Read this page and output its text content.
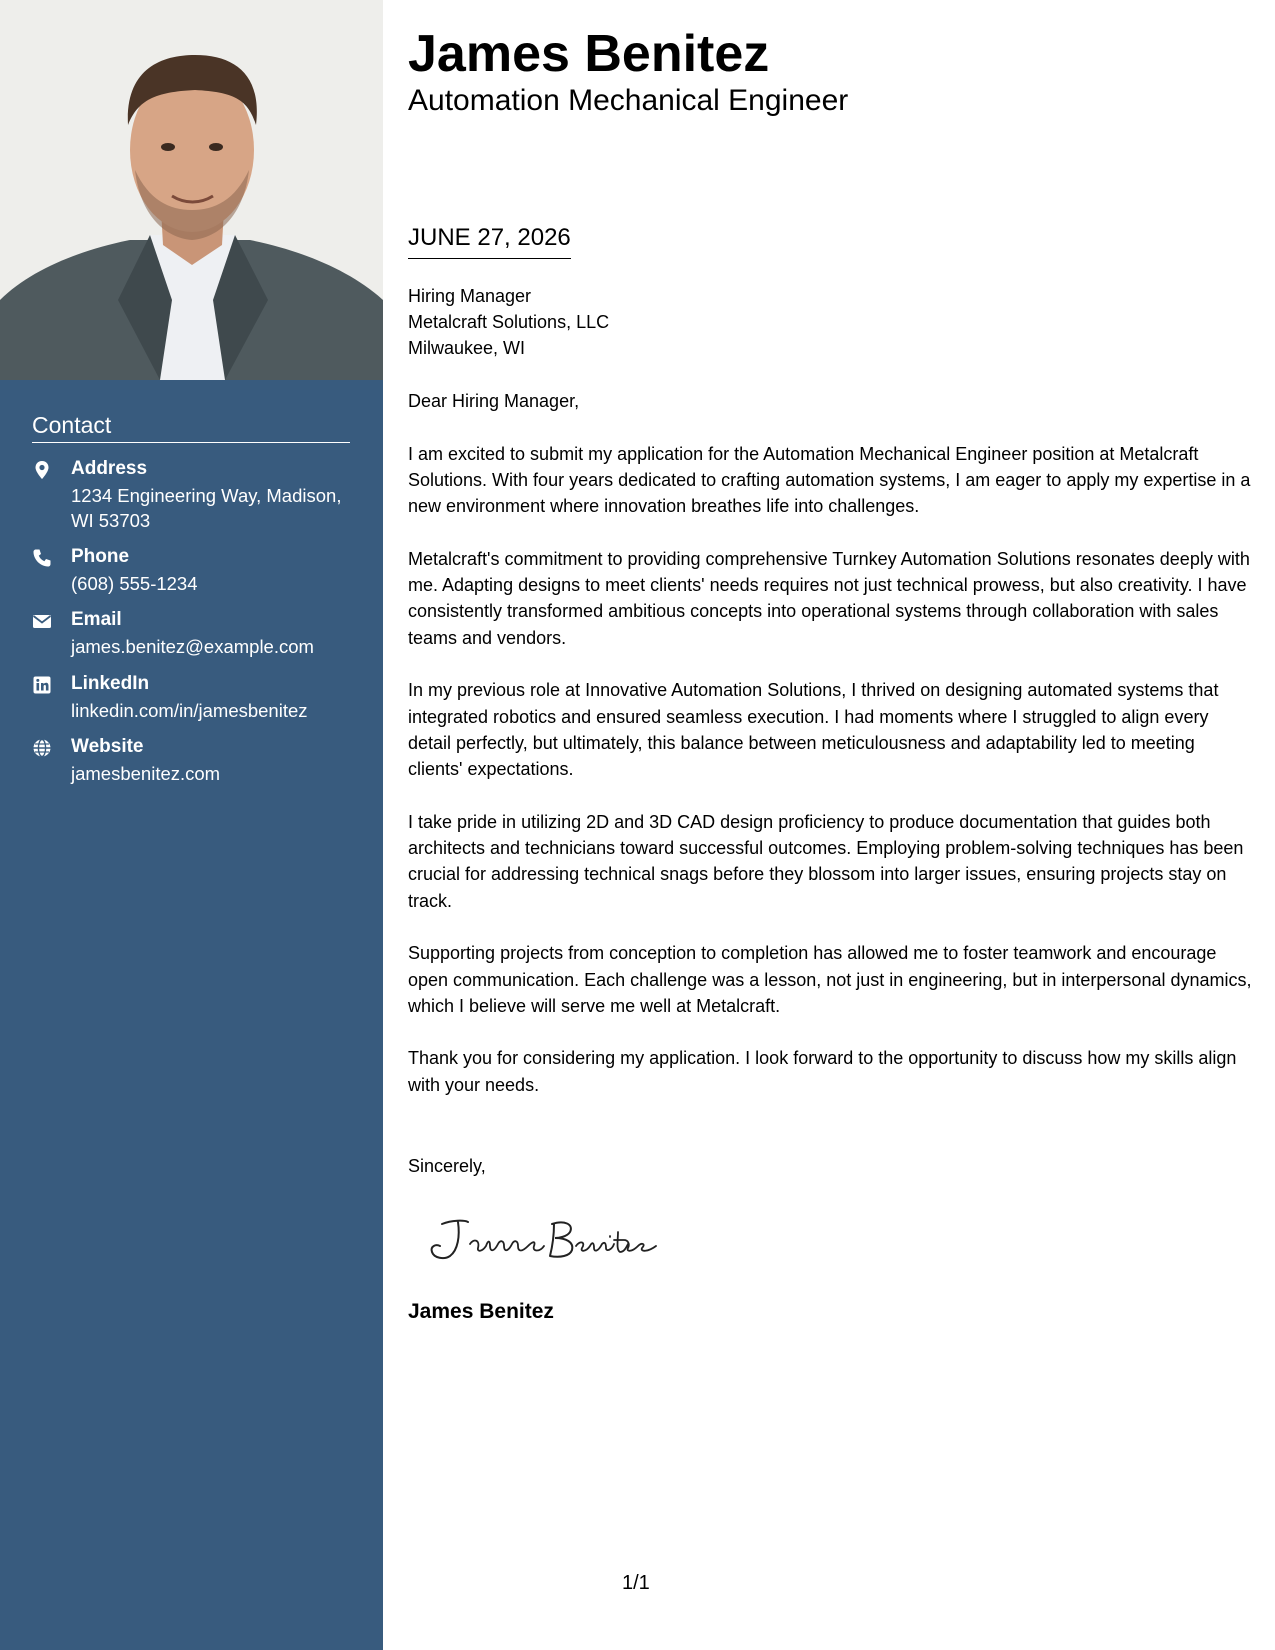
Contact
Address
1234 Engineering Way, Madison, WI 53703
Phone
(608) 555-1234
Email
james.benitez@example.com
LinkedIn
linkedin.com/in/jamesbenitez
Website
jamesbenitez.com
James Benitez
Automation Mechanical Engineer
JUNE 27, 2026
Hiring Manager
Metalcraft Solutions, LLC
Milwaukee, WI

Dear Hiring Manager,

I am excited to submit my application for the Automation Mechanical Engineer position at Metalcraft Solutions. With four years dedicated to crafting automation systems, I am eager to apply my expertise in a new environment where innovation breathes life into challenges.

Metalcraft's commitment to providing comprehensive Turnkey Automation Solutions resonates deeply with me. Adapting designs to meet clients' needs requires not just technical prowess, but also creativity. I have consistently transformed ambitious concepts into operational systems through collaboration with sales teams and vendors.

In my previous role at Innovative Automation Solutions, I thrived on designing automated systems that integrated robotics and ensured seamless execution. I had moments where I struggled to align every detail perfectly, but ultimately, this balance between meticulousness and adaptability led to meeting clients' expectations.

I take pride in utilizing 2D and 3D CAD design proficiency to produce documentation that guides both architects and technicians toward successful outcomes. Employing problem-solving techniques has been crucial for addressing technical snags before they blossom into larger issues, ensuring projects stay on track.

Supporting projects from conception to completion has allowed me to foster teamwork and encourage open communication. Each challenge was a lesson, not just in engineering, but in interpersonal dynamics, which I believe will serve me well at Metalcraft.

Thank you for considering my application. I look forward to the opportunity to discuss how my skills align with your needs.

Sincerely,
James Benitez
1/1
